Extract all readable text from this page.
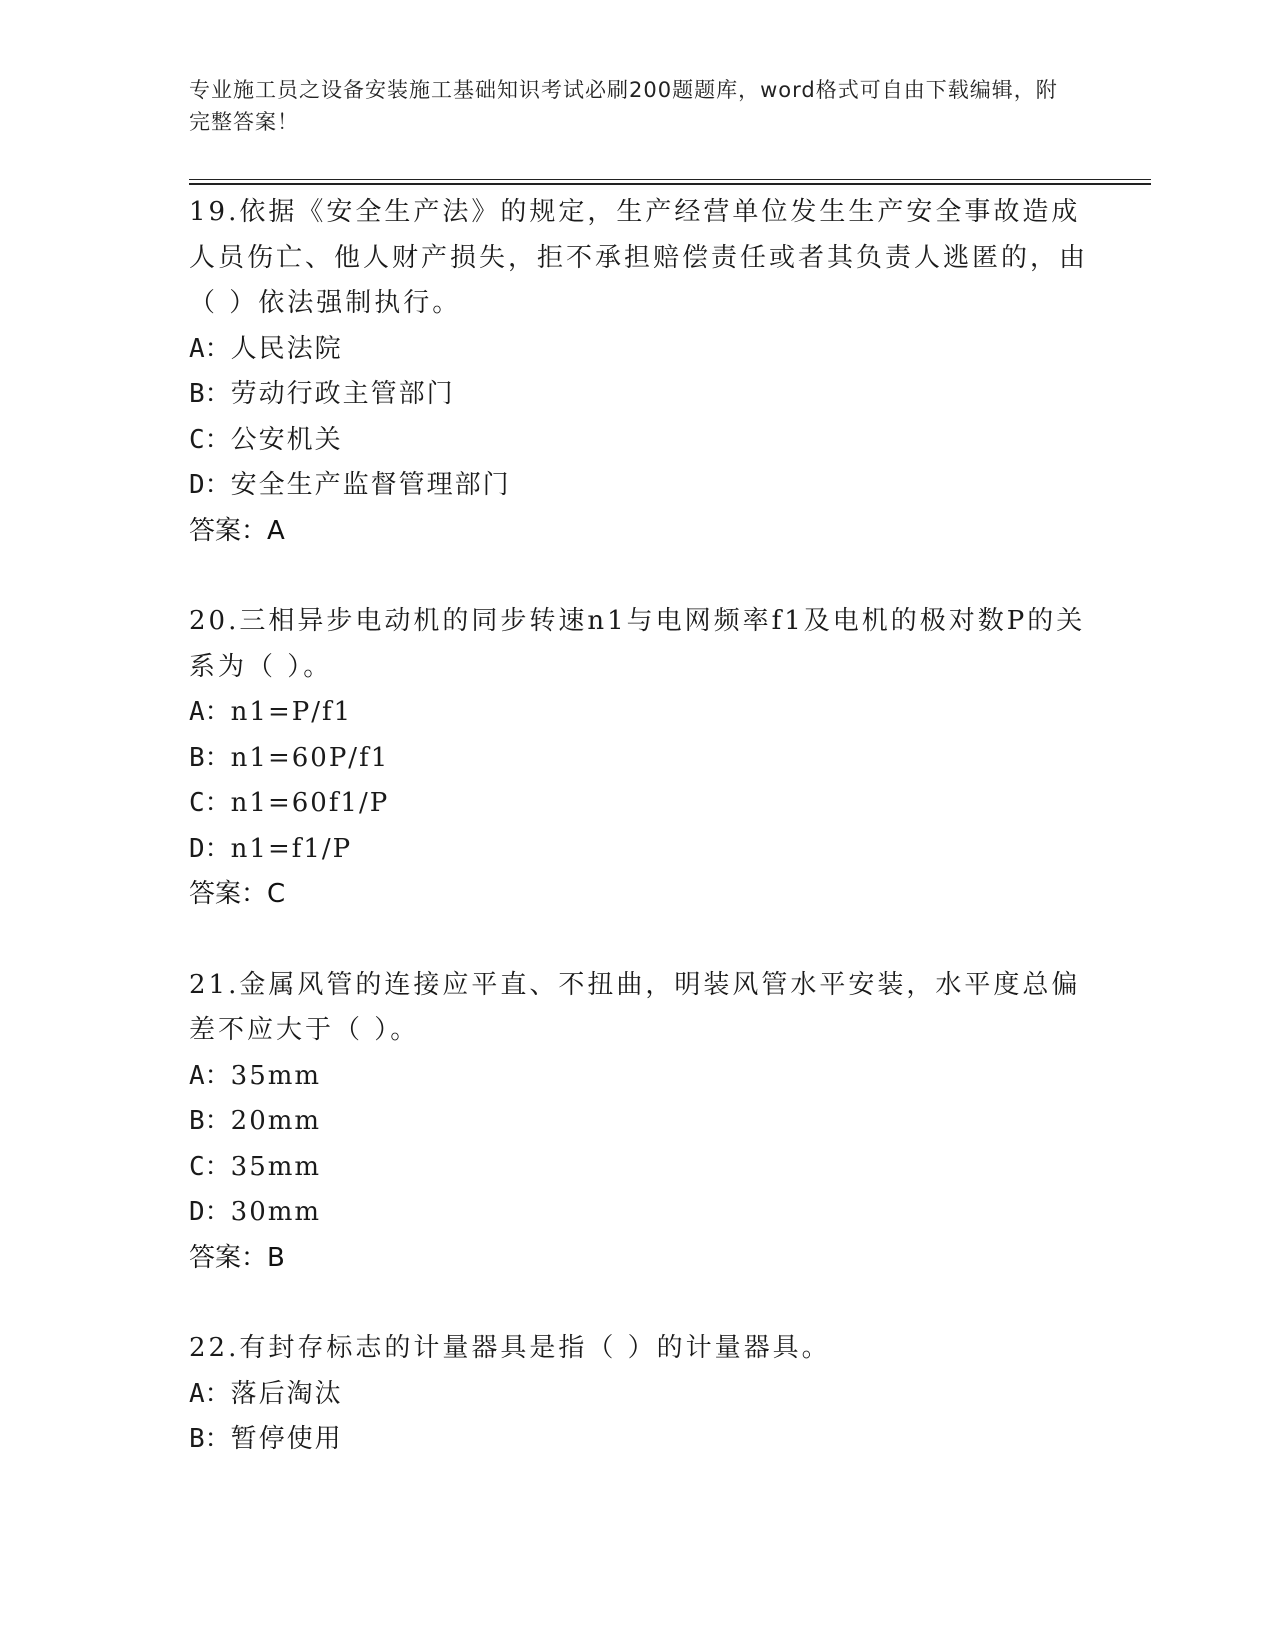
专业施工员之设备安装施工基础知识考试必刷200题题库，word格式可自由下载编辑，附完整答案！

19.依据《安全生产法》的规定，生产经营单位发生生产安全事故造成人员伤亡、他人财产损失，拒不承担赔偿责任或者其负责人逃匿的，由（ ）依法强制执行。

A：人民法院

B：劳动行政主管部门

C：公安机关

D：安全生产监督管理部门

答案：A

20.三相异步电动机的同步转速n1与电网频率f1及电机的极对数P的关系为（ ）。

A：n1=P/f1

B：n1=60P/f1

C：n1=60f1/P

D：n1=f1/P

答案：C

21.金属风管的连接应平直、不扭曲，明装风管水平安装，水平度总偏差不应大于（ ）。

A：35mm

B：20mm

C：35mm

D：30mm

答案：B

22.有封存标志的计量器具是指（ ）的计量器具。

A：落后淘汰

B：暂停使用
